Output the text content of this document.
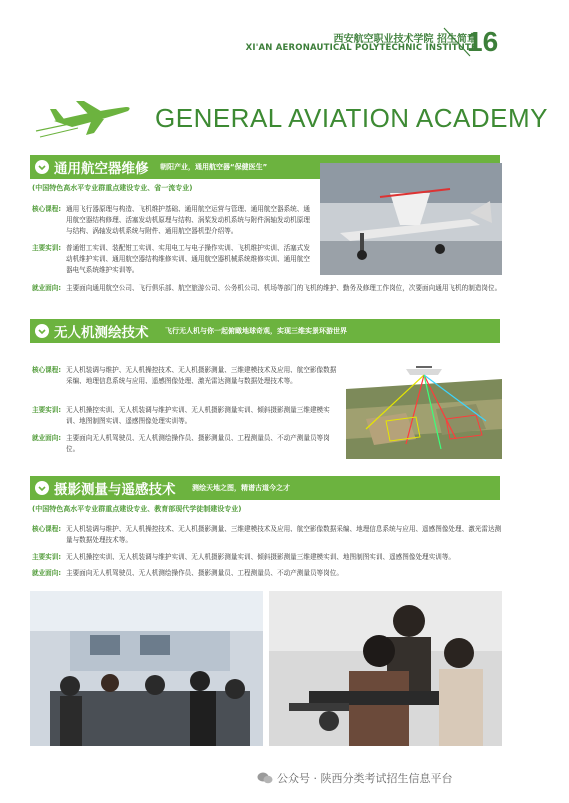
西安航空职业技术学院 招生简章
XI'AN AERONAUTICAL POLYTECHNIC INSTITUTE
16
GENERAL AVIATION ACADEMY
通用航空器维修 朝阳产业，通用航空器“保健医生”
(中国特色高水平专业群重点建设专业、省一流专业)
核心课程: 通用飞行器原理与构造、飞机维护基础、通用航空运营与管理、通用航空器系统、通用航空器结构修理、活塞发动机原理与结构、涡桨发动机系统与附件涡轴发动机原理与结构、涡轴发动机系统与附件、通用航空器机型介绍等。
主要实训: 普通钳工实训、装配钳工实训、实用电工与电子操作实训、飞机维护实训、活塞式发动机维护实训、通用航空器结构维修实训、通用航空器机械系统维修实训、通用航空器电气系统维护实训等。
就业面向: 主要面向通用航空公司、飞行俱乐部、航空旅游公司、公务机公司、机场等部门的飞机的维护、勤务及修理工作岗位，次要面向通用飞机的制造岗位。
无人机测绘技术 飞行无人机与你一起俯瞰地球奇观，实现三维实景环游世界
核心课程: 无人机装调与维护、无人机操控技术、无人机摄影测量、三维建模技术及应用、航空影像数据采编、地理信息系统与应用、遥感图像处理、激光雷达测量与数据处理技术等。
主要实训: 无人机操控实训、无人机装调与维护实训、无人机摄影测量实训、倾斜摄影测量三维建模实训、地图制图实训、遥感图像处理实训等。
就业面向: 主要面向无人机驾驶员、无人机测绘操作员、摄影测量员、工程测量员、不动产测量员等岗位。
摄影测量与遥感技术 测绘天地之图，精谱古道今之才
(中国特色高水平专业群重点建设专业、教育部现代学徒制建设专业)
核心课程: 无人机装调与维护、无人机操控技术、无人机摄影测量、三维建模技术及应用、航空影像数据采编、地理信息系统与应用、遥感图像处理、激光雷达测量与数据处理技术等。
主要实训: 无人机操控实训、无人机装调与维护实训、无人机摄影测量实训、倾斜摄影测量三维建模实训、地图制图实训、遥感图像处理实训等。
就业面向: 主要面向无人机驾驶员、无人机测绘操作员、摄影测量员、工程测量员、不动产测量员等岗位。
公众号 · 陕西分类考试招生信息平台
